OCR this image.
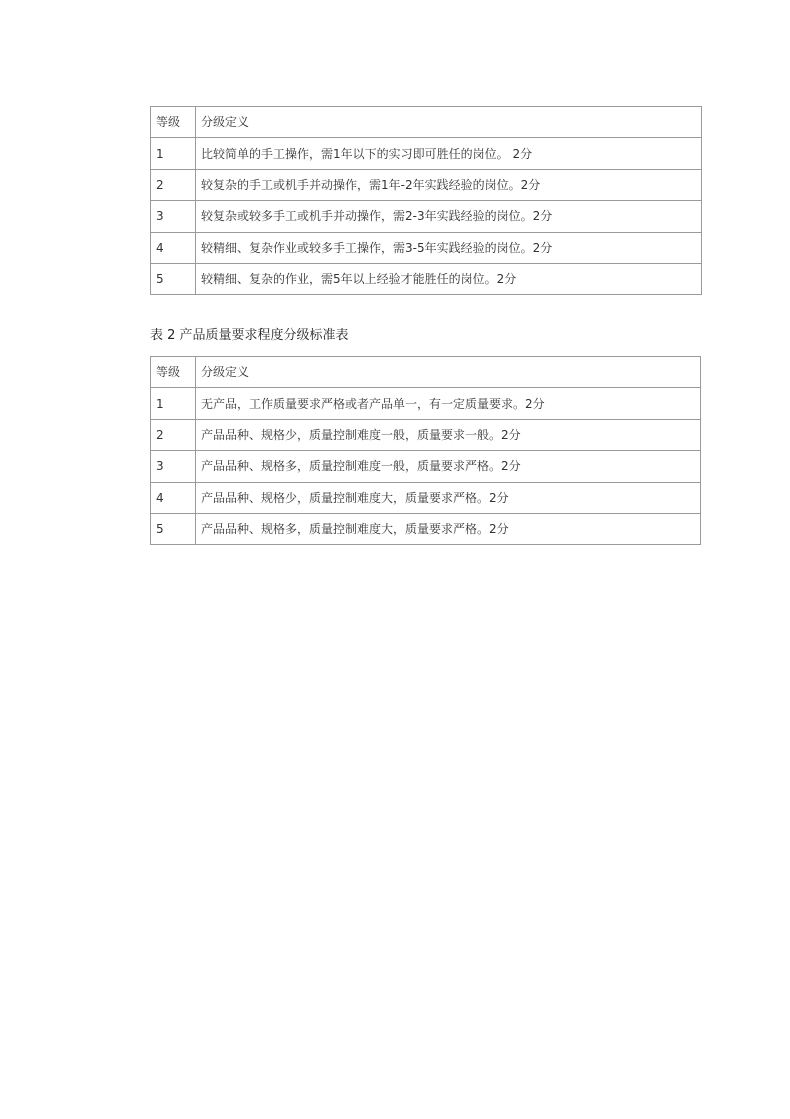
等级	分级定义
1	比较简单的手工操作，需1年以下的实习即可胜任的岗位。 2分
2	较复杂的手工或机手并动操作，需1年-2年实践经验的岗位。2分
3	较复杂或较多手工或机手并动操作，需2-3年实践经验的岗位。2分
4	较精细、复杂作业或较多手工操作，需3-5年实践经验的岗位。2分
5	较精细、复杂的作业，需5年以上经验才能胜任的岗位。2分
表 2 产品质量要求程度分级标准表
等级	分级定义
1	无产品，工作质量要求严格或者产品单一，有一定质量要求。2分
2	产品品种、规格少，质量控制难度一般，质量要求一般。2分
3	产品品种、规格多，质量控制难度一般，质量要求严格。2分
4	产品品种、规格少，质量控制难度大，质量要求严格。2分
5	产品品种、规格多，质量控制难度大，质量要求严格。2分
